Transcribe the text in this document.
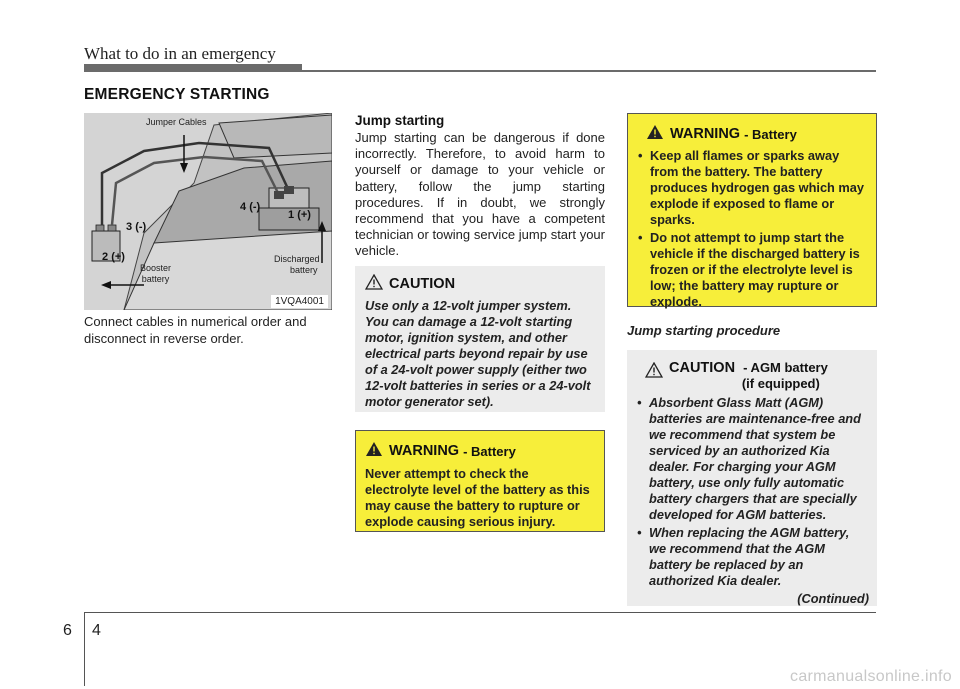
What to do in an emergency
EMERGENCY STARTING
Jumper Cables
Booster
battery
Discharged
battery
1 (+)
2 (+)
3 (-)
4 (-)
1VQA4001
Connect cables in numerical order and disconnect in reverse order.
Jump starting
Jump starting can be dangerous if done incorrectly. Therefore, to avoid harm to yourself or damage to your vehicle or battery, follow the jump starting procedures. If in doubt, we strongly recommend that you have a competent technician or towing service jump start your vehicle.
CAUTION
Use only a 12-volt jumper system. You can damage a 12-volt starting motor, ignition system, and other electrical parts beyond repair by use of a 24-volt power supply (either two 12-volt batteries in series or a 24-volt motor generator set).
WARNING - Battery
Never attempt to check the electrolyte level of the battery as this may cause the battery to rupture or explode causing serious injury.
WARNING - Battery
• Keep all flames or sparks away from the battery. The battery produces hydrogen gas which may explode if exposed to flame or sparks.
• Do not attempt to jump start the vehicle if the discharged battery is frozen or if the electrolyte level is low; the battery may rupture or explode.
Jump starting procedure
CAUTION - AGM battery
(if equipped)
• Absorbent Glass Matt (AGM) batteries are maintenance-free and we recommend that system be serviced by an authorized Kia dealer. For charging your AGM battery, use only fully automatic battery chargers that are specially developed for AGM batteries.
• When replacing the AGM battery, we recommend that the AGM battery be replaced by an authorized Kia dealer.
(Continued)
6 4
carmanualsonline.info
